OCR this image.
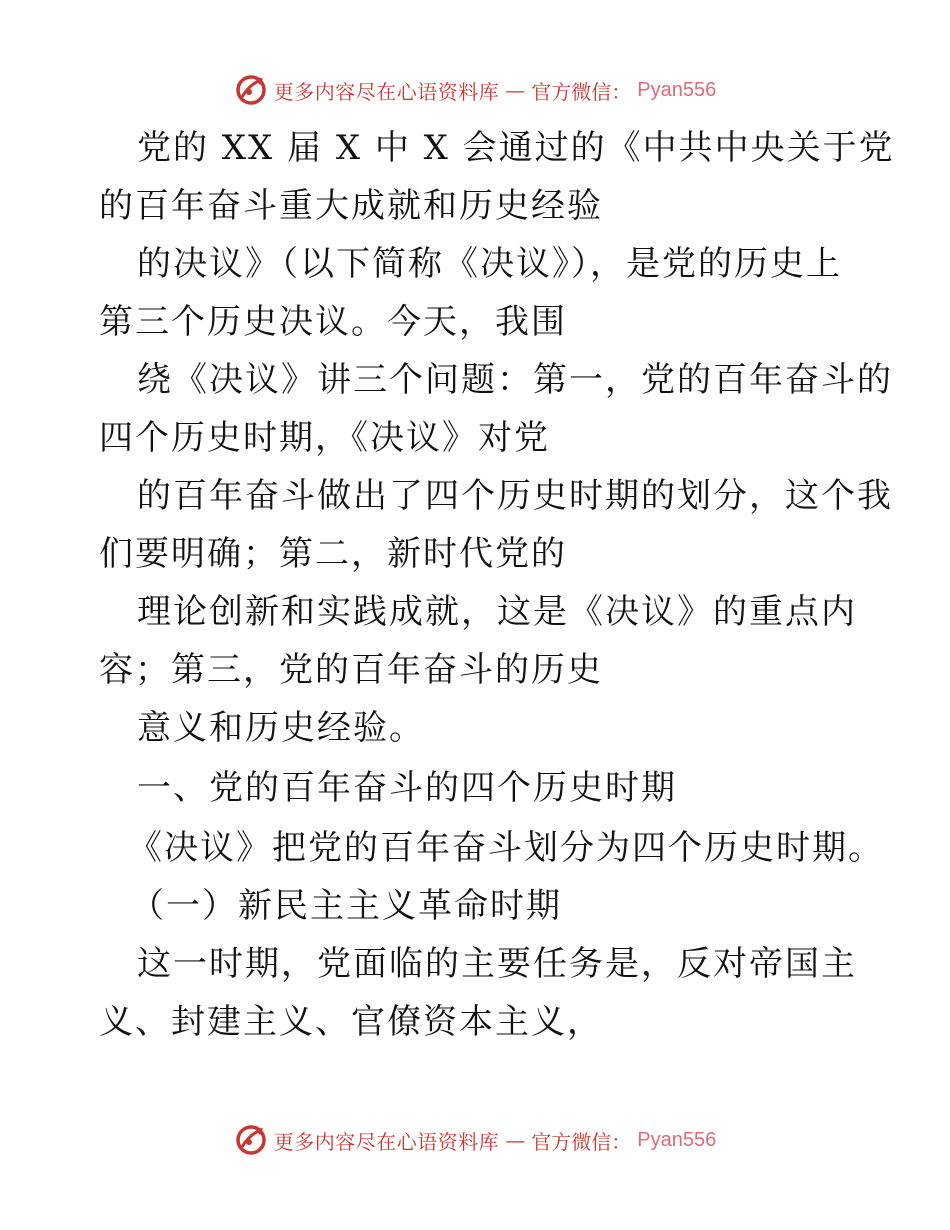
更多内容尽在心语资料库 — 官方微信： Pyan556
党的 XX 届 X 中 X 会通过的《中共中央关于党
的百年奋斗重大成就和历史经验
的决议》（以下简称《决议》），是党的历史上
第三个历史决议。今天，我围
绕《决议》讲三个问题：第一，党的百年奋斗的
四个历史时期，《决议》对党
的百年奋斗做出了四个历史时期的划分，这个我
们要明确；第二，新时代党的
理论创新和实践成就，这是《决议》的重点内
容；第三，党的百年奋斗的历史
意义和历史经验。
一、党的百年奋斗的四个历史时期
《决议》把党的百年奋斗划分为四个历史时期。
（一）新民主主义革命时期
这一时期，党面临的主要任务是，反对帝国主
义、封建主义、官僚资本主义，
更多内容尽在心语资料库 — 官方微信： Pyan556
